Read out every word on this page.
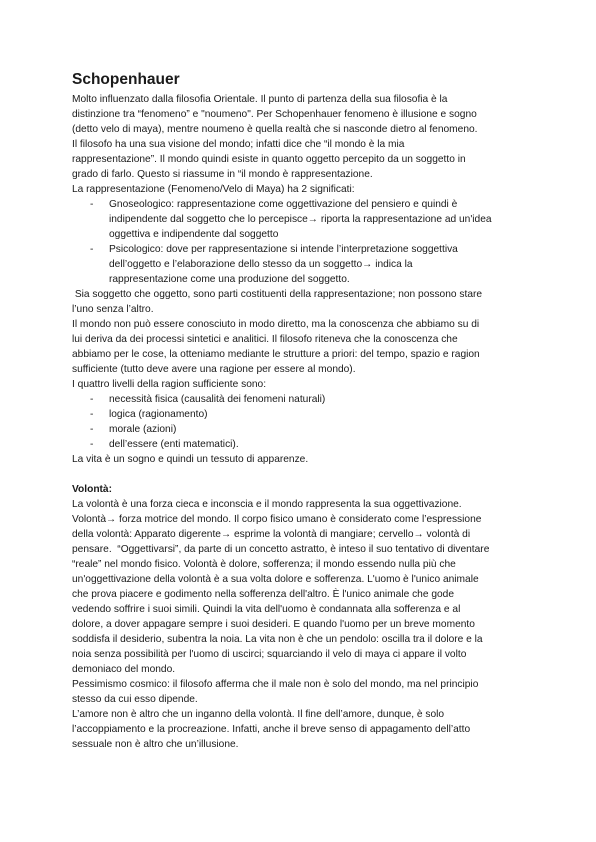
Schopenhauer
Molto influenzato dalla filosofia Orientale. Il punto di partenza della sua filosofia è la
distinzione tra “fenomeno” e "noumeno". Per Schopenhauer fenomeno è illusione e sogno
(detto velo di maya), mentre noumeno è quella realtà che si nasconde dietro al fenomeno.
Il filosofo ha una sua visione del mondo; infatti dice che “il mondo è la mia
rappresentazione”. Il mondo quindi esiste in quanto oggetto percepito da un soggetto in
grado di farlo. Questo si riassume in “il mondo è rappresentazione.
La rappresentazione (Fenomeno/Velo di Maya) ha 2 significati:
- Gnoseologico: rappresentazione come oggettivazione del pensiero e quindi è
indipendente dal soggetto che lo percepisce→ riporta la rappresentazione ad un'idea
oggettiva e indipendente dal soggetto
- Psicologico: dove per rappresentazione si intende l’interpretazione soggettiva
dell’oggetto e l’elaborazione dello stesso da un soggetto→ indica la
rappresentazione come una produzione del soggetto.
Sia soggetto che oggetto, sono parti costituenti della rappresentazione; non possono stare
l’uno senza l’altro.
Il mondo non può essere conosciuto in modo diretto, ma la conoscenza che abbiamo su di
lui deriva da dei processi sintetici e analitici. Il filosofo riteneva che la conoscenza che
abbiamo per le cose, la otteniamo mediante le strutture a priori: del tempo, spazio e ragion
sufficiente (tutto deve avere una ragione per essere al mondo).
I quattro livelli della ragion sufficiente sono:
- necessità fisica (causalità dei fenomeni naturali)
- logica (ragionamento)
- morale (azioni)
- dell’essere (enti matematici).
La vita è un sogno e quindi un tessuto di apparenze.
Volontà:
La volontà è una forza cieca e inconscia e il mondo rappresenta la sua oggettivazione.
Volontà→ forza motrice del mondo. Il corpo fisico umano è considerato come l’espressione
della volontà: Apparato digerente→ esprime la volontà di mangiare; cervello→ volontà di
pensare.  “Oggettivarsi”, da parte di un concetto astratto, è inteso il suo tentativo di diventare
“reale” nel mondo fisico. Volontà è dolore, sofferenza; il mondo essendo nulla più che
un'oggettivazione della volontà è a sua volta dolore e sofferenza. L'uomo è l'unico animale
che prova piacere e godimento nella sofferenza dell'altro. È l'unico animale che gode
vedendo soffrire i suoi simili. Quindi la vita dell'uomo è condannata alla sofferenza e al
dolore, a dover appagare sempre i suoi desideri. E quando l'uomo per un breve momento
soddisfa il desiderio, subentra la noia. La vita non è che un pendolo: oscilla tra il dolore e la
noia senza possibilità per l'uomo di uscirci; squarciando il velo di maya ci appare il volto
demoniaco del mondo.
Pessimismo cosmico: il filosofo afferma che il male non è solo del mondo, ma nel principio
stesso da cui esso dipende.
L’amore non è altro che un inganno della volontà. Il fine dell’amore, dunque, è solo
l’accoppiamento e la procreazione. Infatti, anche il breve senso di appagamento dell’atto
sessuale non è altro che un’illusione.
